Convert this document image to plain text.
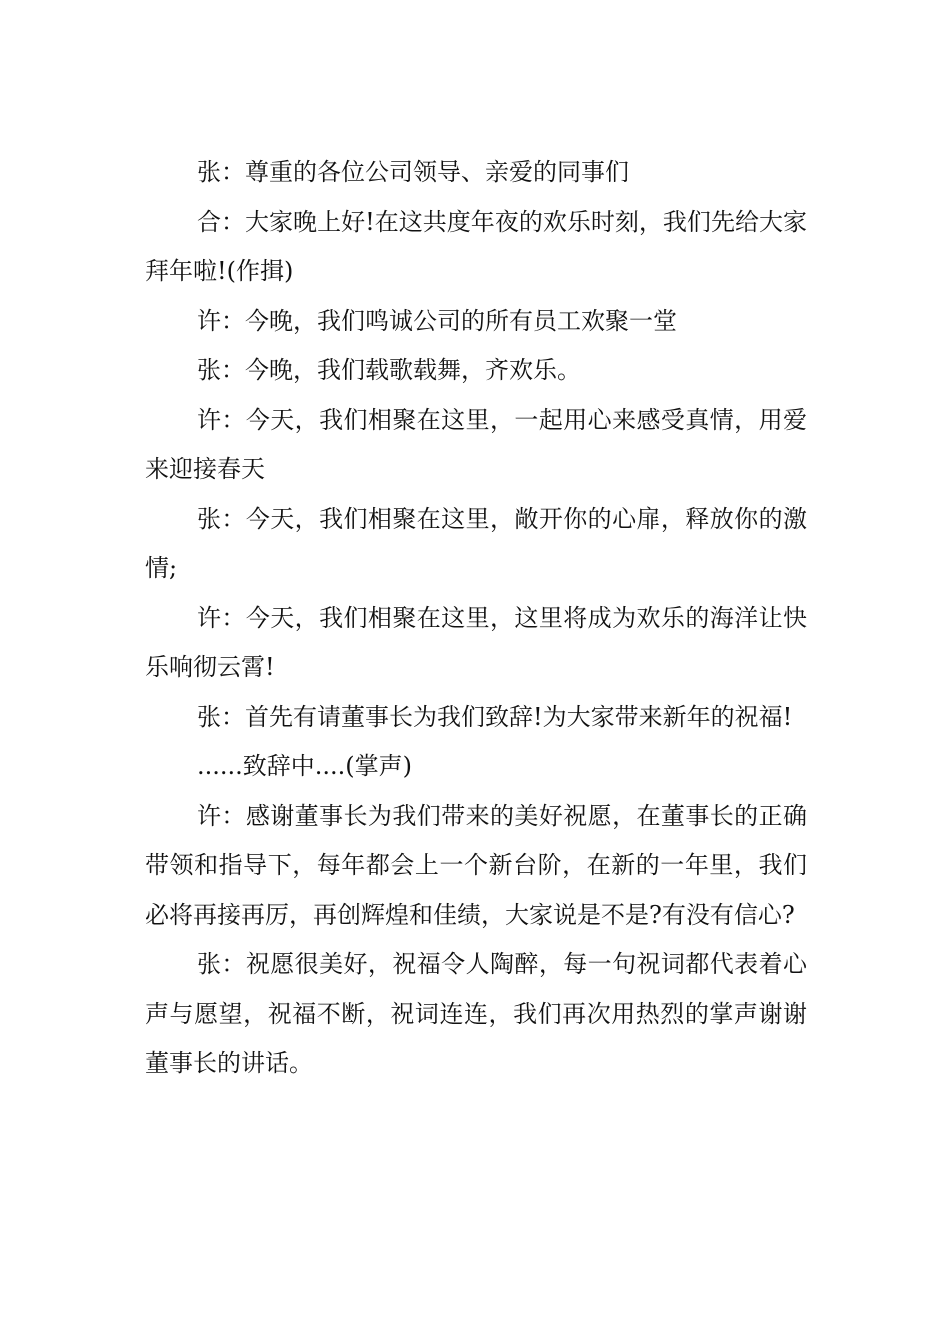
张：尊重的各位公司领导、亲爱的同事们

合：大家晚上好!在这共度年夜的欢乐时刻，我们先给大家拜年啦!(作揖)

许：今晚，我们鸣诚公司的所有员工欢聚一堂

张：今晚，我们载歌载舞，齐欢乐。

许：今天，我们相聚在这里，一起用心来感受真情，用爱来迎接春天

张：今天，我们相聚在这里，敞开你的心扉，释放你的激情;

许：今天，我们相聚在这里，这里将成为欢乐的海洋让快乐响彻云霄!

张：首先有请董事长为我们致辞!为大家带来新年的祝福!

......致辞中....(掌声)

许：感谢董事长为我们带来的美好祝愿，在董事长的正确带领和指导下，每年都会上一个新台阶，在新的一年里，我们必将再接再厉，再创辉煌和佳绩，大家说是不是?有没有信心?

张：祝愿很美好，祝福令人陶醉，每一句祝词都代表着心声与愿望，祝福不断，祝词连连，我们再次用热烈的掌声谢谢董事长的讲话。
